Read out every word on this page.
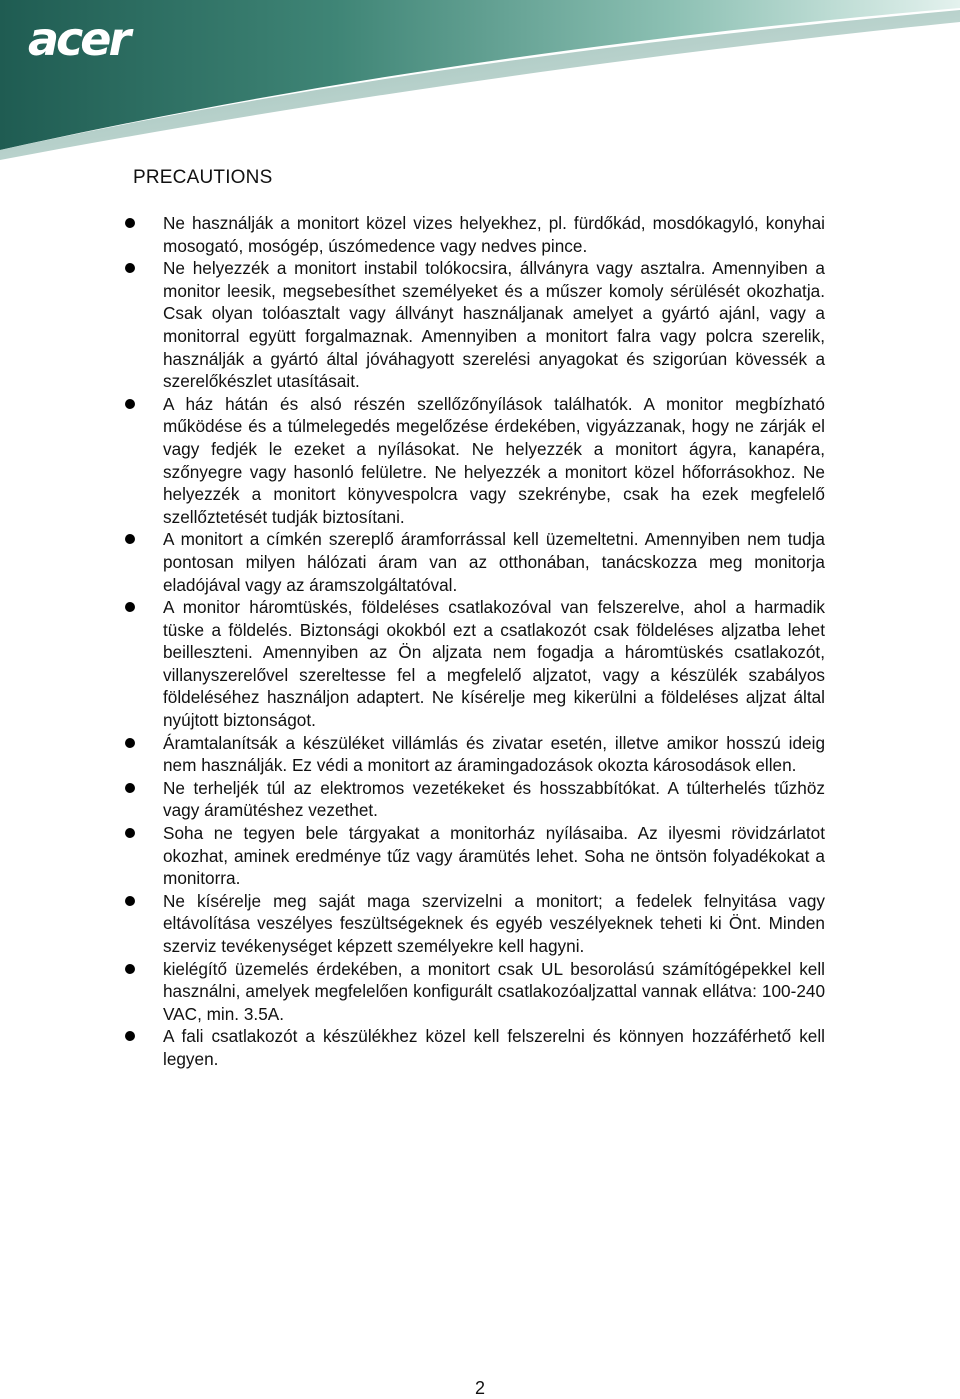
acer
PRECAUTIONS
Ne használják a monitort közel vizes helyekhez, pl. fürdőkád, mosdókagyló, konyhai mosogató, mosógép, úszómedence vagy nedves pince.
Ne helyezzék a monitort instabil tolókocsira, állványra vagy asztalra. Amennyiben a monitor leesik, megsebesíthet személyeket és a műszer komoly sérülését okozhatja. Csak olyan tolóasztalt vagy állványt használjanak amelyet a gyártó ajánl, vagy a monitorral együtt forgalmaznak. Amennyiben a monitort falra vagy polcra szerelik, használják a gyártó által jóváhagyott szerelési anyagokat és szigorúan kövessék a szerelőkészlet utasításait.
A ház hátán és alsó részén szellőzőnyílások találhatók. A monitor megbízható működése és a túlmelegedés megelőzése érdekében, vigyázzanak, hogy ne zárják el vagy fedjék le ezeket a nyílásokat. Ne helyezzék a monitort ágyra, kanapéra, szőnyegre vagy hasonló felületre. Ne helyezzék a monitort közel hőforrásokhoz. Ne helyezzék a monitort könyvespolcra vagy szekrénybe, csak ha ezek megfelelő szellőztetését tudják biztosítani.
A monitort a címkén szereplő áramforrással kell üzemeltetni. Amennyiben nem tudja pontosan milyen hálózati áram van az otthonában, tanácskozza meg monitorja eladójával vagy az áramszolgáltatóval.
A monitor háromtüskés, földeléses csatlakozóval van felszerelve, ahol a harmadik tüske a földelés. Biztonsági okokból ezt a csatlakozót csak földeléses aljzatba lehet beilleszteni. Amennyiben az Ön aljzata nem fogadja a háromtüskés csatlakozót, villanyszerelővel szereltesse fel a megfelelő aljzatot, vagy a készülék szabályos földeléséhez használjon adaptert. Ne kísérelje meg kikerülni a földeléses aljzat által nyújtott biztonságot.
Áramtalanítsák a készüléket villámlás és zivatar esetén, illetve amikor hosszú ideig nem használják. Ez védi a monitort az áramingadozások okozta károsodások ellen.
Ne terheljék túl az elektromos vezetékeket és hosszabbítókat. A túlterhelés tűzhöz vagy áramütéshez vezethet.
Soha ne tegyen bele tárgyakat a monitorház nyílásaiba. Az ilyesmi rövidzárlatot okozhat, aminek eredménye tűz vagy áramütés lehet. Soha ne öntsön folyadékokat a monitorra.
Ne kísérelje meg saját maga szervizelni a monitort; a fedelek felnyitása vagy eltávolítása veszélyes feszültségeknek és egyéb veszélyeknek teheti ki Önt. Minden szerviz tevékenységet képzett személyekre kell hagyni.
kielégítő üzemelés érdekében, a monitort csak UL besorolású számítógépekkel kell használni, amelyek megfelelően konfigurált csatlakozóaljzattal vannak ellátva: 100-240 VAC, min. 3.5A.
A fali csatlakozót a készülékhez közel kell felszerelni és könnyen hozzáférhető kell legyen.
2
